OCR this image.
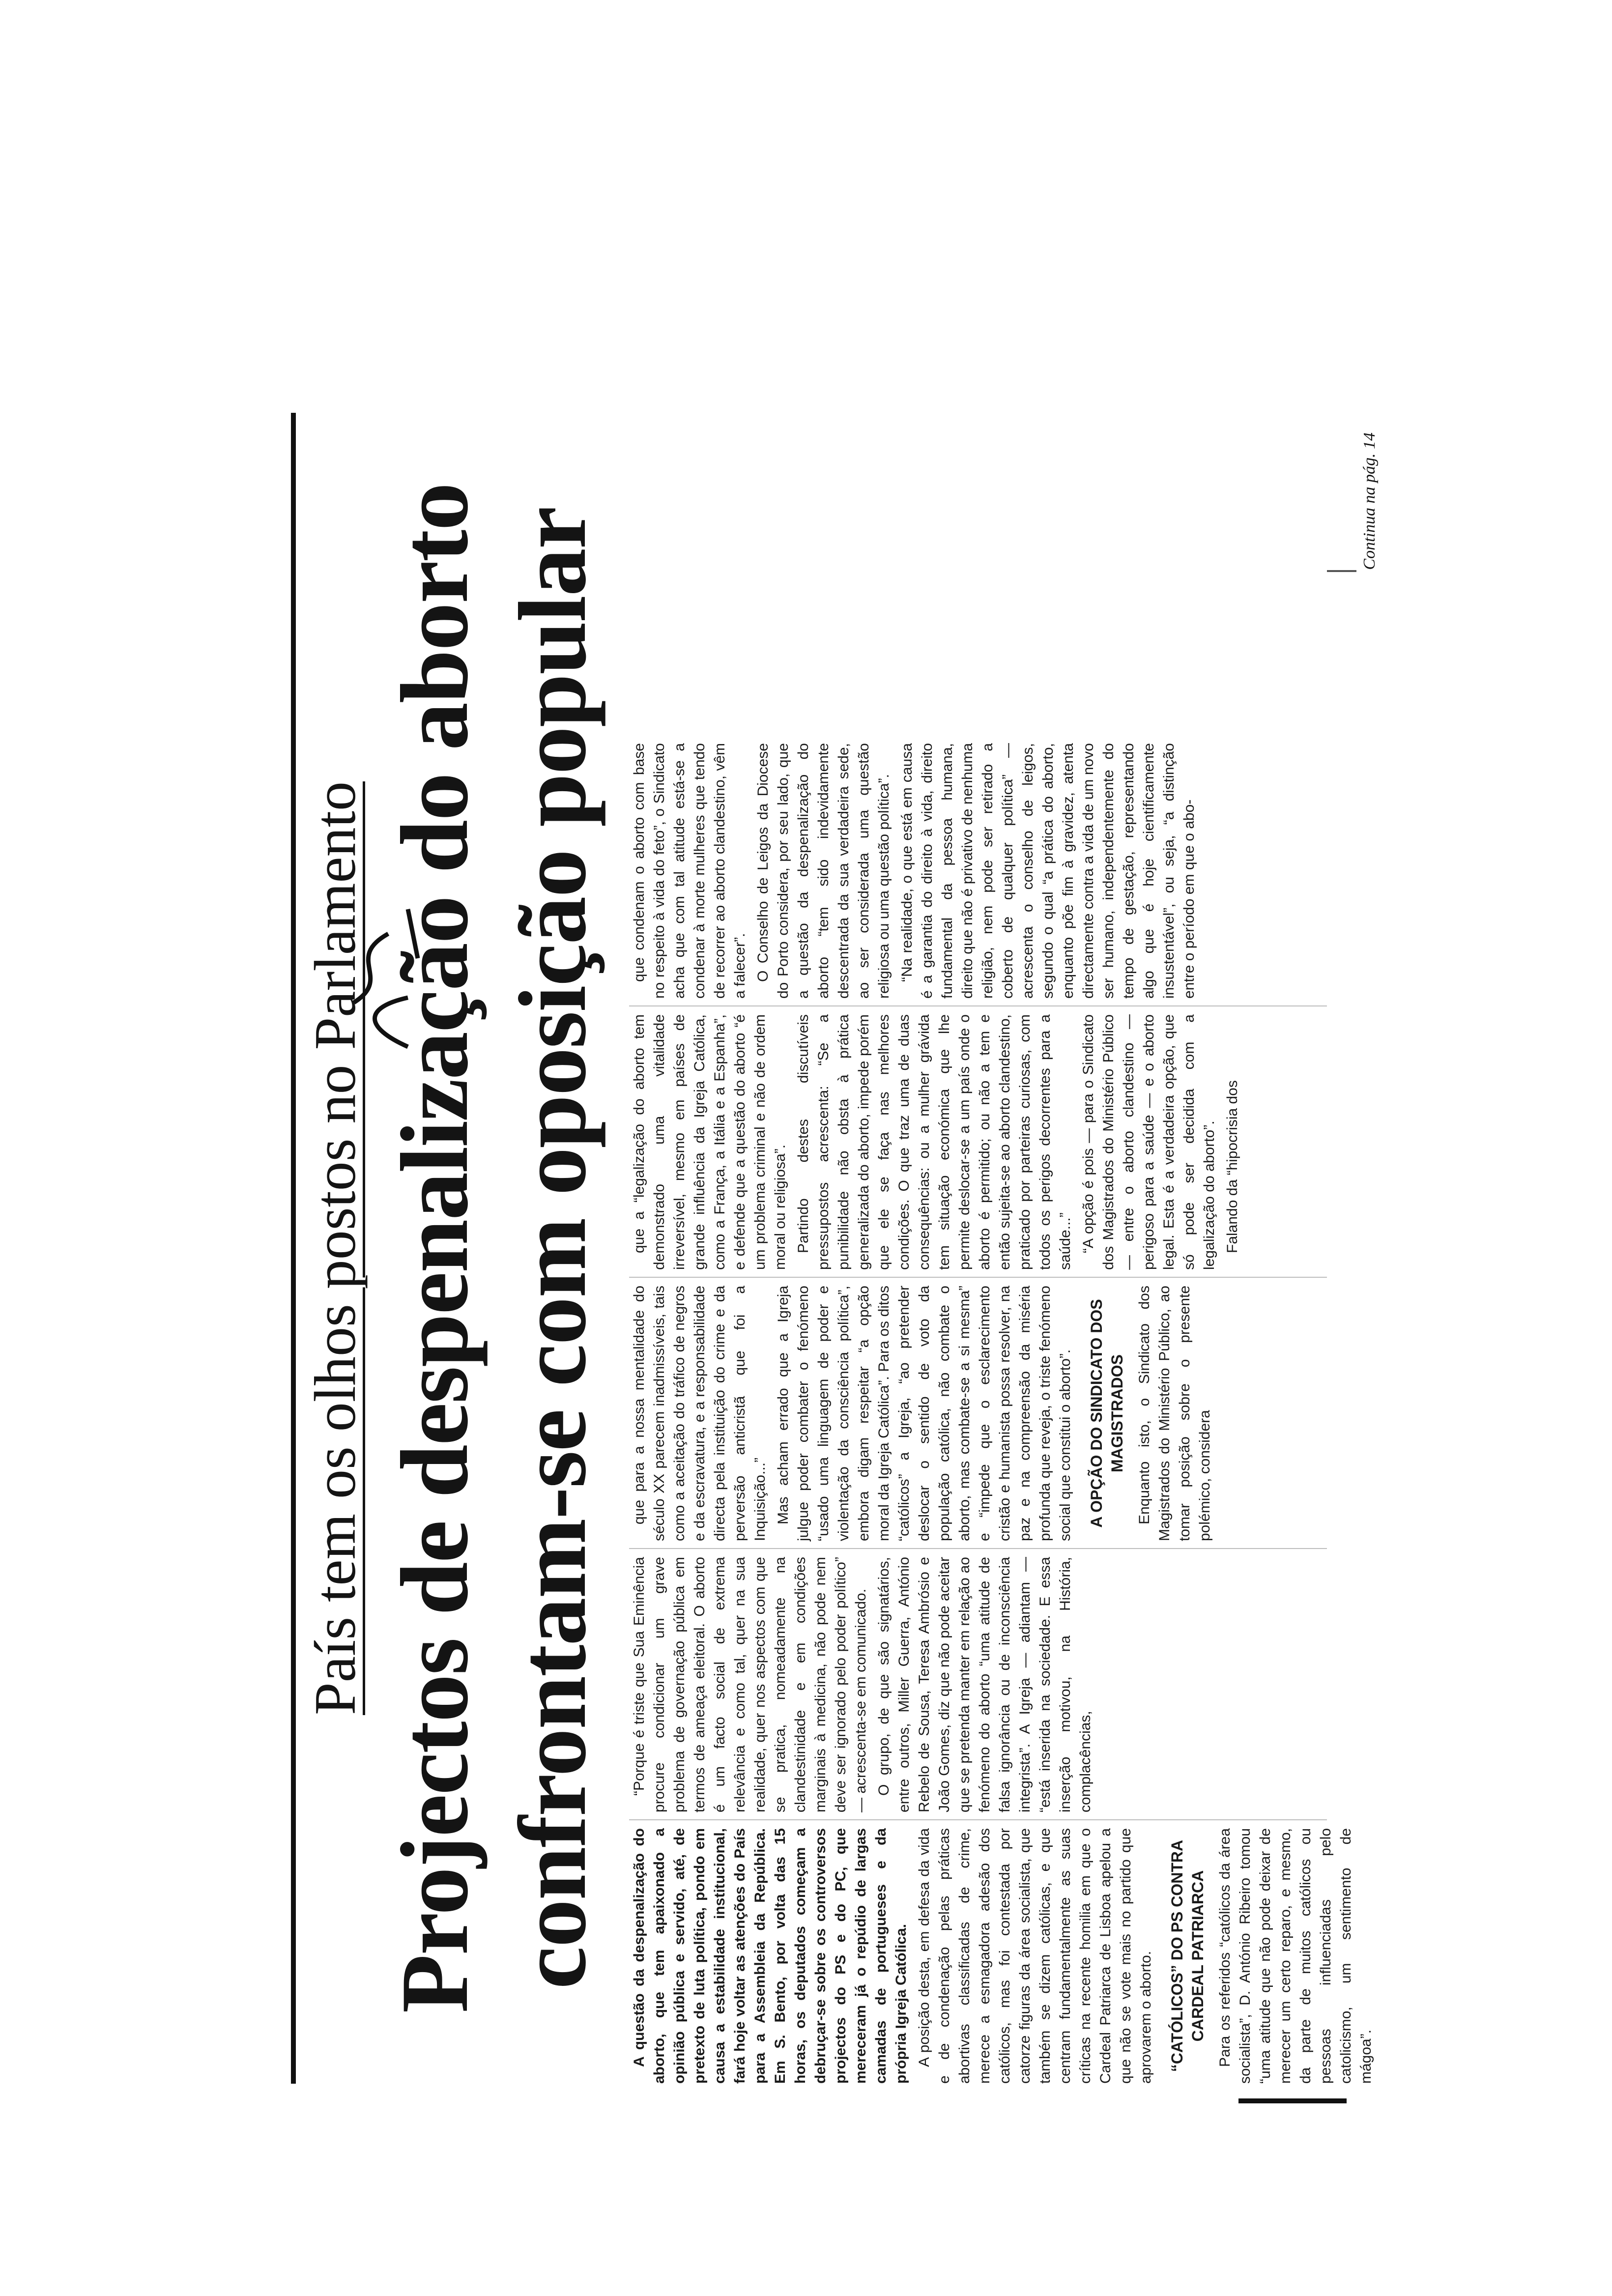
País tem os olhos postos no Parlamento Projectos de despenalização do aborto confrontam-se com oposição popular A questão da despenalização do aborto, que tem apaixonado a opinião pública e servido, até, de pretexto de luta política, pondo em causa a estabilidade institucional, fará hoje voltar as atenções do País para a Assembleia da República. Em S. Bento, por volta das 15 horas, os deputados começam a debruçar-se sobre os controversos projectos do PS e do PC, que mereceram já o repúdio de largas camadas de portugueses e da própria Igreja Católica. A posição desta, em defesa da vida e de condenação pelas práticas abortivas classificadas de crime, merece a esmagadora adesão dos católicos, mas foi contestada por catorze figuras da área socialista, que também se dizem católicas, e que centram fundamentalmente as suas críticas na recente homilia em que o Cardeal Patriarca de Lisboa apelou a que não se vote mais no partido que aprovarem o aborto. “CATÓLICOS” DO PS CONTRA CARDEAL PATRIARCA Para os referidos “católicos da área socialista”, D. António Ribeiro tomou “uma atitude que não pode deixar de merecer um certo reparo, e mesmo, da parte de muitos católicos ou pessoas influenciadas pelo catolicismo, um sentimento de mágoa”.

“Porque é triste que Sua Eminência procure condicionar um grave problema de governação pública em termos de ameaça eleitoral. O aborto é um facto social de extrema relevância e como tal, quer na sua realidade, quer nos aspectos com que se pratica, nomeadamente na clandestinidade e em condições marginais à medicina, não pode nem deve ser ignorado pelo poder político” — acrescenta-se em comunicado. O grupo, de que são signatários, entre outros, Miller Guerra, António Rebelo de Sousa, Teresa Ambrósio e João Gomes, diz que não pode aceitar que se pretenda manter em relação ao fenómeno do aborto “uma atitude de falsa ignorância ou de inconsciência integrista”. A Igreja — adiantam — “está inserida na sociedade. E essa inserção motivou, na História, complacências,

que para a nossa mentalidade do século XX parecem inadmissíveis, tais como a aceitação do tráfico de negros e da escravatura, e a responsabilidade directa pela instituição do crime e da perversão anticristã que foi a Inquisição...” Mas acham errado que a Igreja julgue poder combater o fenómeno “usado uma linguagem de poder e violentação da consciência política”, embora digam respeitar “a opção moral da Igreja Católica”. Para os ditos “católicos” a Igreja, “ao pretender deslocar o sentido de voto da população católica, não combate o aborto, mas combate-se a si mesma” e “impede que o esclarecimento cristão e humanista possa resolver, na paz e na compreensão da miséria profunda que reveja, o triste fenómeno social que constitui o aborto”. A OPÇÃO DO SINDICATO DOS MAGISTRADOS Enquanto isto, o Sindicato dos Magistrados do Ministério Público, ao tomar posição sobre o presente polémico, considera

que a “legalização do aborto tem demonstrado uma vitalidade irreversível, mesmo em países de grande influência da Igreja Católica, como a França, a Itália e a Espanha”, e defende que a questão do aborto “é um problema criminal e não de ordem moral ou religiosa”. Partindo destes discutíveis pressupostos acrescenta: “Se a punibilidade não obsta à prática generalizada do aborto, impede porém que ele se faça nas melhores condições. O que traz uma de duas consequências: ou a mulher grávida tem situação económica que lhe permite deslocar-se a um país onde o aborto é permitido; ou não a tem e então sujeita-se ao aborto clandestino, praticado por parteiras curiosas, com todos os perigos decorrentes para a saúde...” “A opção é pois — para o Sindicato dos Magistrados do Ministério Público — entre o aborto clandestino — perigoso para a saúde — e o aborto legal. Esta é a verdadeira opção, que só pode ser decidida com a legalização do aborto”. Falando da “hipocrisia dos

que condenam o aborto com base no respeito à vida do feto”, o Sindicato acha que com tal atitude está-se a condenar à morte mulheres que tendo de recorrer ao aborto clandestino, vêm a falecer”. O Conselho de Leigos da Diocese do Porto considera, por seu lado, que a questão da despenalização do aborto “tem sido indevidamente descentrada da sua verdadeira sede, ao ser considerada uma questão religiosa ou uma questão política”. “Na realidade, o que está em causa é a garantia do direito à vida, direito fundamental da pessoa humana, direito que não é privativo de nenhuma religião, nem pode ser retirado a coberto de qualquer política” — acrescenta o conselho de leigos, segundo o qual “a prática do aborto, enquanto põe fim à gravidez, atenta directamente contra a vida de um novo ser humano, independentemente do tempo de gestação, representando algo que é hoje cientificamente insustentável”, ou seja, “a distinção entre o período em que o abo-

Continua na pág. 14
